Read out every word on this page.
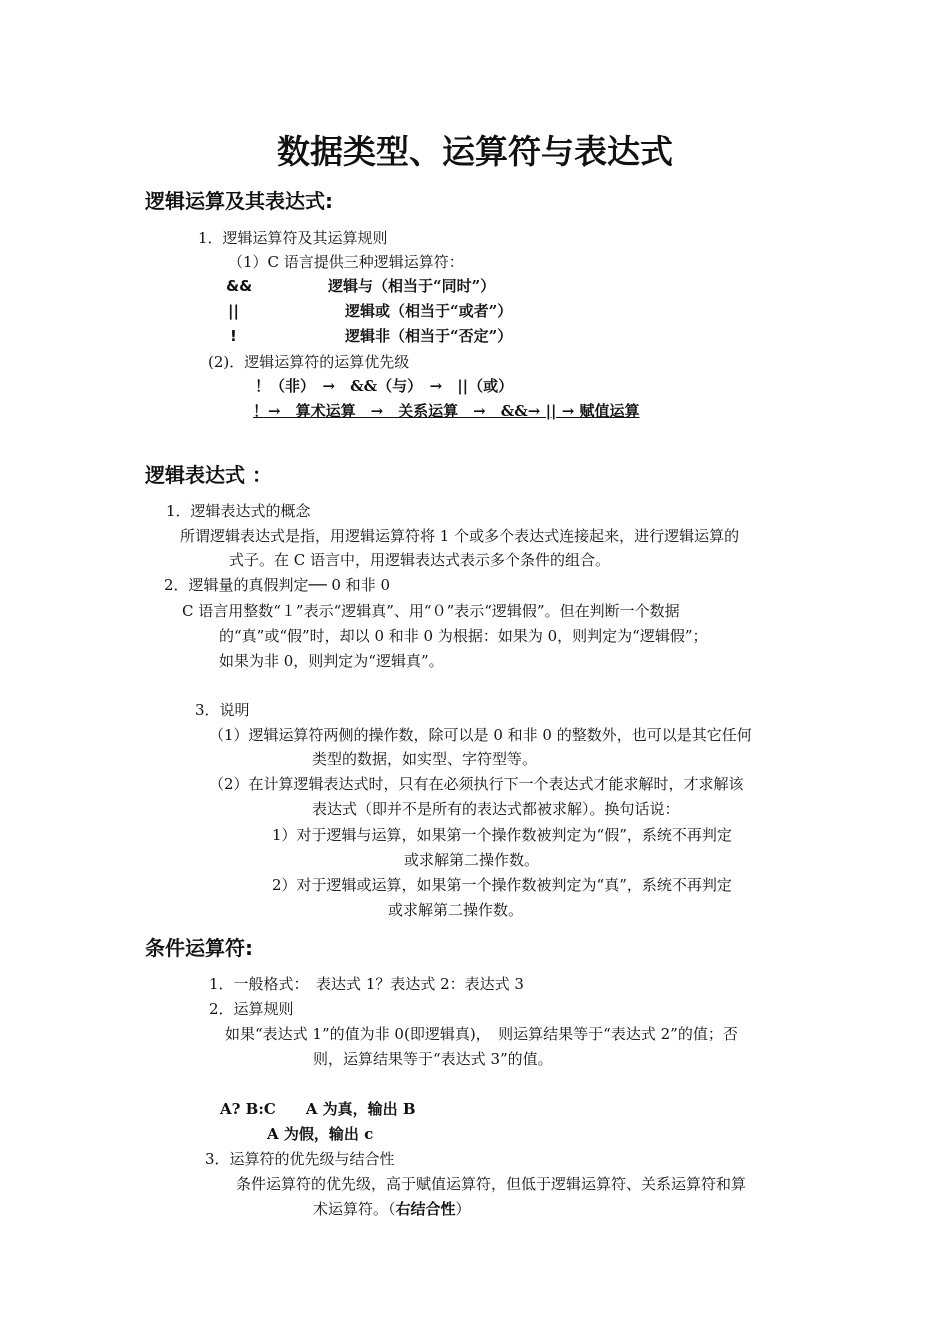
数据类型、运算符与表达式
逻辑运算及其表达式:
1．逻辑运算符及其运算规则
（1）C 语言提供三种逻辑运算符：
&&	逻辑与（相当于“同时”）
||	逻辑或（相当于“或者”）
!	逻辑非（相当于“否定”）
(2)．逻辑运算符的运算优先级
！（非）　→　&&（与）　→　||（或）
！→　算术运算　→　关系运算　→　&&→ || → 赋值运算
逻辑表达式 ：
1．逻辑表达式的概念
所谓逻辑表达式是指，用逻辑运算符将 1 个或多个表达式连接起来，进行逻辑运算的
式子。在 C 语言中，用逻辑表达式表示多个条件的组合。
2．逻辑量的真假判定── 0 和非 0
C 语言用整数“１”表示“逻辑真”、用“０”表示“逻辑假”。但在判断一个数据
的“真”或“假”时，却以 0 和非 0 为根据：如果为 0，则判定为“逻辑假”；
如果为非 0，则判定为“逻辑真”。
3．说明
（1）逻辑运算符两侧的操作数，除可以是 0 和非 0 的整数外，也可以是其它任何
类型的数据，如实型、字符型等。
（2）在计算逻辑表达式时，只有在必须执行下一个表达式才能求解时，才求解该
表达式（即并不是所有的表达式都被求解）。换句话说：
1）对于逻辑与运算，如果第一个操作数被判定为“假”，系统不再判定
或求解第二操作数。
2）对于逻辑或运算，如果第一个操作数被判定为“真”，系统不再判定
或求解第二操作数。
条件运算符:
1．一般格式：　表达式 1？表达式 2：表达式 3
2．运算规则
如果“表达式 1”的值为非 0(即逻辑真)，　则运算结果等于“表达式 2”的值；否
则，运算结果等于“表达式 3”的值。
A? B:C　　A 为真，输出 B
A 为假，输出 c
3．运算符的优先级与结合性
条件运算符的优先级，高于赋值运算符，但低于逻辑运算符、关系运算符和算
术运算符。（右结合性）
